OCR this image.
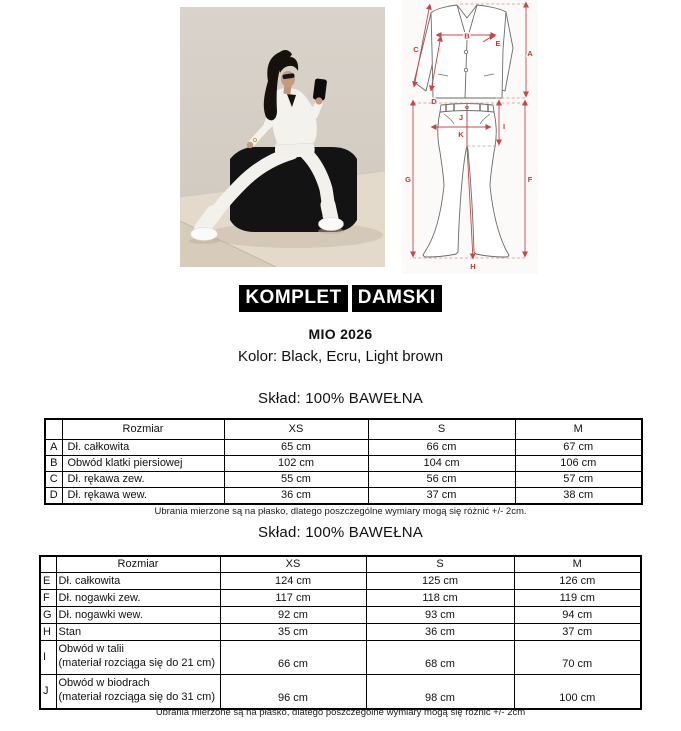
A
C
B
E
D
G	F
I
J
K
H
KOMPLET DAMSKI
MIO 2026
Kolor: Black, Ecru, Light brown
Skład: 100% BAWEŁNA
	Rozmiar	XS	S	M
A	Dł. całkowita	65 cm	66 cm	67 cm
B	Obwód klatki piersiowej	102 cm	104 cm	106 cm
C	Dł. rękawa zew.	55 cm	56 cm	57 cm
D	Dł. rękawa wew.	36 cm	37 cm	38 cm
Ubrania mierzone są na płasko, dlatego poszczególne wymiary mogą się różnić +/- 2cm.
Skład: 100% BAWEŁNA
	Rozmiar	XS	S	M
E	Dł. całkowita	124 cm	125 cm	126 cm
F	Dł. nogawki zew.	117 cm	118 cm	119 cm
G	Dł. nogawki wew.	92 cm	93 cm	94 cm
H	Stan	35 cm	36 cm	37 cm
I	Obwód w talii
(materiał rozciąga się do 21 cm)	66 cm	68 cm	70 cm
J	Obwód w biodrach
(materiał rozciąga się do 31 cm)	96 cm	98 cm	100 cm
Ubrania mierzone są na płasko, dlatego poszczególne wymiary mogą się różnić +/- 2cm
